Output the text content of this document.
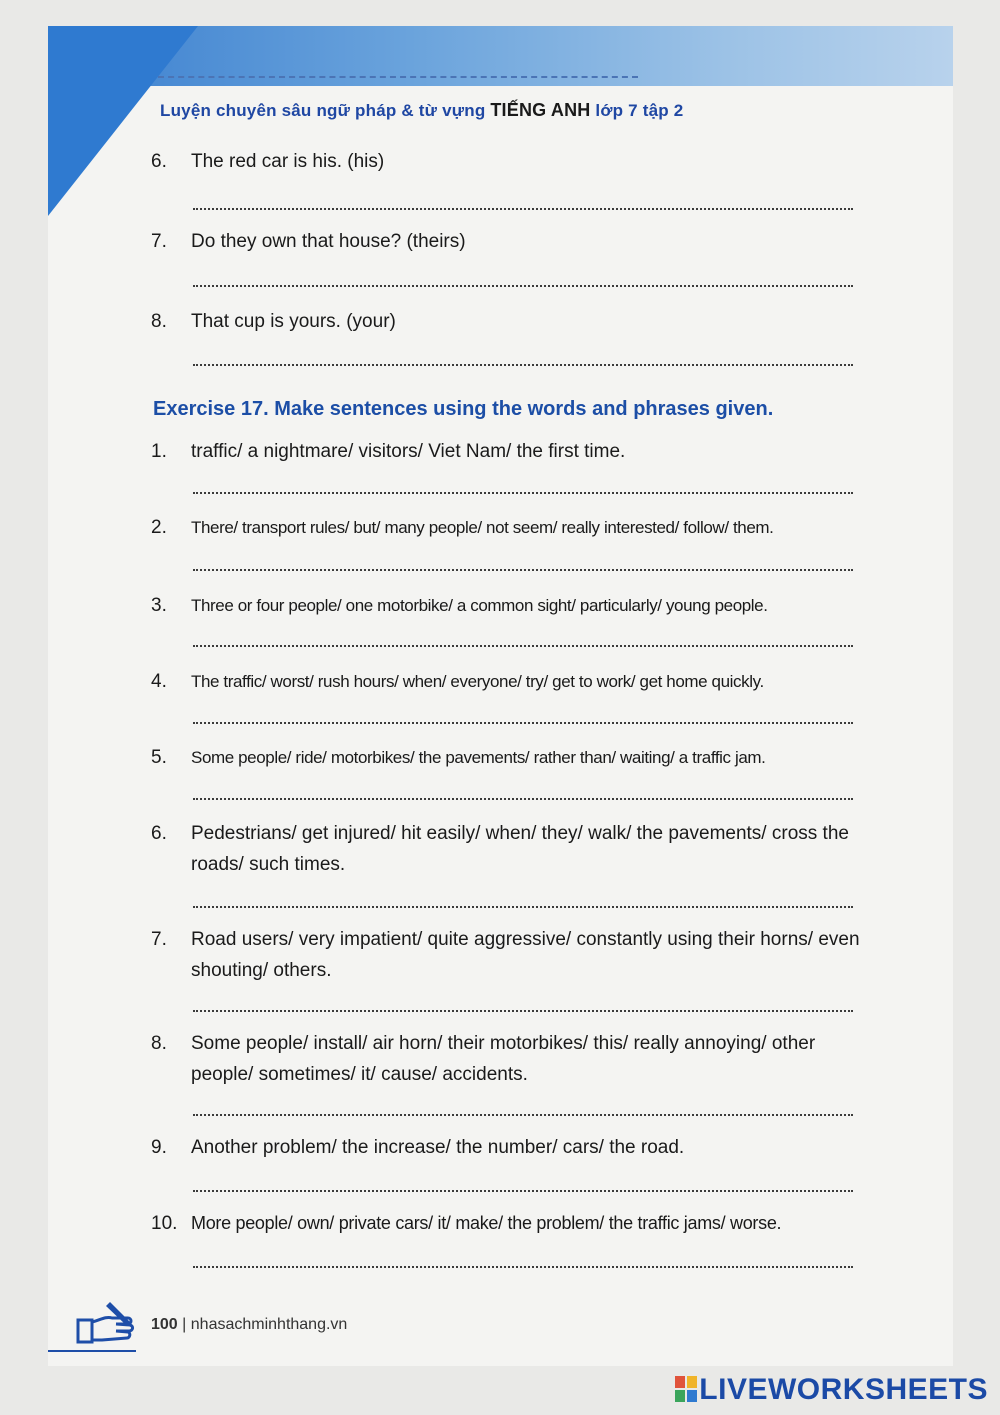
Luyện chuyên sâu ngữ pháp & từ vựng TIẾNG ANH lớp 7 tập 2
6.	The red car is his. (his)
7.	Do they own that house? (theirs)
8.	That cup is yours. (your)
Exercise 17. Make sentences using the words and phrases given.
1.	traffic/ a nightmare/ visitors/ Viet Nam/ the first time.
2.	There/ transport rules/ but/ many people/ not seem/ really interested/ follow/ them.
3.	Three or four people/ one motorbike/ a common sight/ particularly/ young people.
4.	The traffic/ worst/ rush hours/ when/ everyone/ try/ get to work/ get home quickly.
5.	Some people/ ride/ motorbikes/ the pavements/ rather than/ waiting/ a traffic jam.
6.	Pedestrians/ get injured/ hit easily/ when/ they/ walk/ the pavements/ cross the roads/ such times.
7.	Road users/ very impatient/ quite aggressive/ constantly using their horns/ even shouting/ others.
8.	Some people/ install/ air horn/ their motorbikes/ this/ really annoying/ other people/ sometimes/ it/ cause/ accidents.
9.	Another problem/ the increase/ the number/ cars/ the road.
10. More people/ own/ private cars/ it/ make/ the problem/ the traffic jams/ worse.
100 | nhasachminhthang.vn
LIVEWORKSHEETS
